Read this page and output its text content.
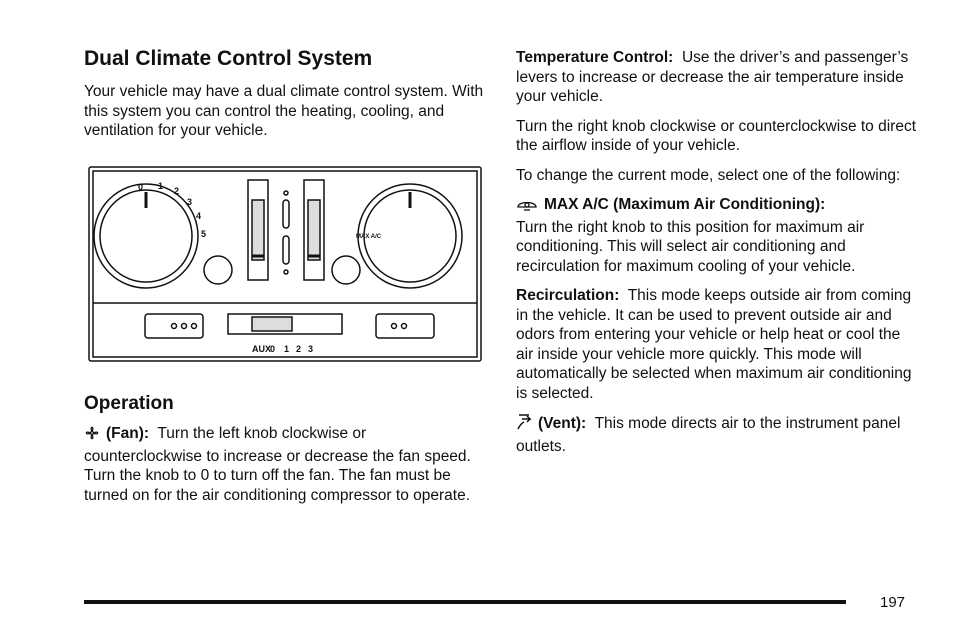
Dual Climate Control System

Your vehicle may have a dual climate control system. With this system you can control the heating, cooling, and ventilation for your vehicle.

0 1 2
3
4
5
AUX
0 1 2 3
MAX A/C
Operation

(Fan): Turn the left knob clockwise or counterclockwise to increase or decrease the fan speed. Turn the knob to 0 to turn off the fan. The fan must be turned on for the air conditioning compressor to operate.

Temperature Control: Use the driver’s and passenger’s levers to increase or decrease the air temperature inside your vehicle.

Turn the right knob clockwise or counterclockwise to direct the airflow inside of your vehicle.

To change the current mode, select one of the following:

MAX A/C (Maximum Air Conditioning):
Turn the right knob to this position for maximum air conditioning. This will select air conditioning and recirculation for maximum cooling of your vehicle.

Recirculation: This mode keeps outside air from coming in the vehicle. It can be used to prevent outside air and odors from entering your vehicle or help heat or cool the air inside your vehicle more quickly. This mode will automatically be selected when maximum air conditioning is selected.

(Vent): This mode directs air to the instrument panel outlets.

197
